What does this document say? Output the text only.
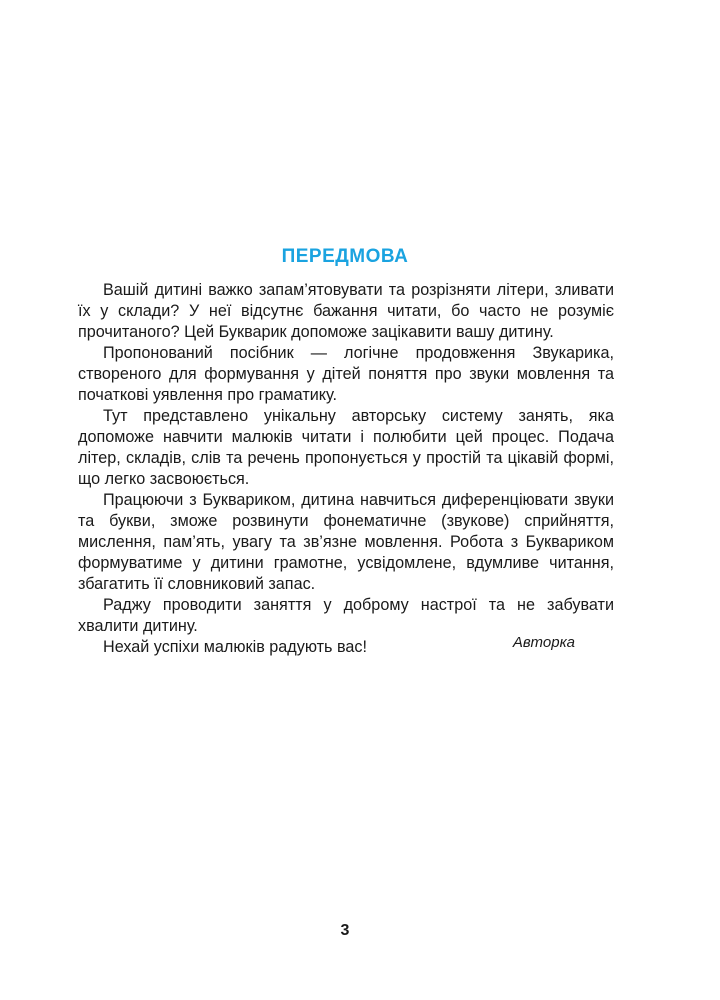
ПЕРЕДМОВА

Вашій дитині важко запам’ятовувати та розрізняти літери, зливати їх у склади? У неї відсутнє бажання читати, бо часто не розуміє прочитаного? Цей Букварик допоможе зацікавити вашу дитину.

Пропонований посібник — логічне продовження Звукарика, створеного для формування у дітей поняття про звуки мовлення та початкові уявлення про граматику.

Тут представлено унікальну авторську систему занять, яка допоможе навчити малюків читати і полюбити цей процес. Подача літер, складів, слів та речень пропонується у простій та цікавій формі, що легко засвоюється.

Працюючи з Буквариком, дитина навчиться диференціювати звуки та букви, зможе розвинути фонематичне (звукове) сприйняття, мислення, пам’ять, увагу та зв’язне мовлення. Робота з Буквариком формуватиме у дитини грамотне, усвідомлене, вдумливе читання, збагатить її словниковий запас.

Раджу проводити заняття у доброму настрої та не забувати хвалити дитину.

Нехай успіхи малюків радують вас!	Авторка
3
